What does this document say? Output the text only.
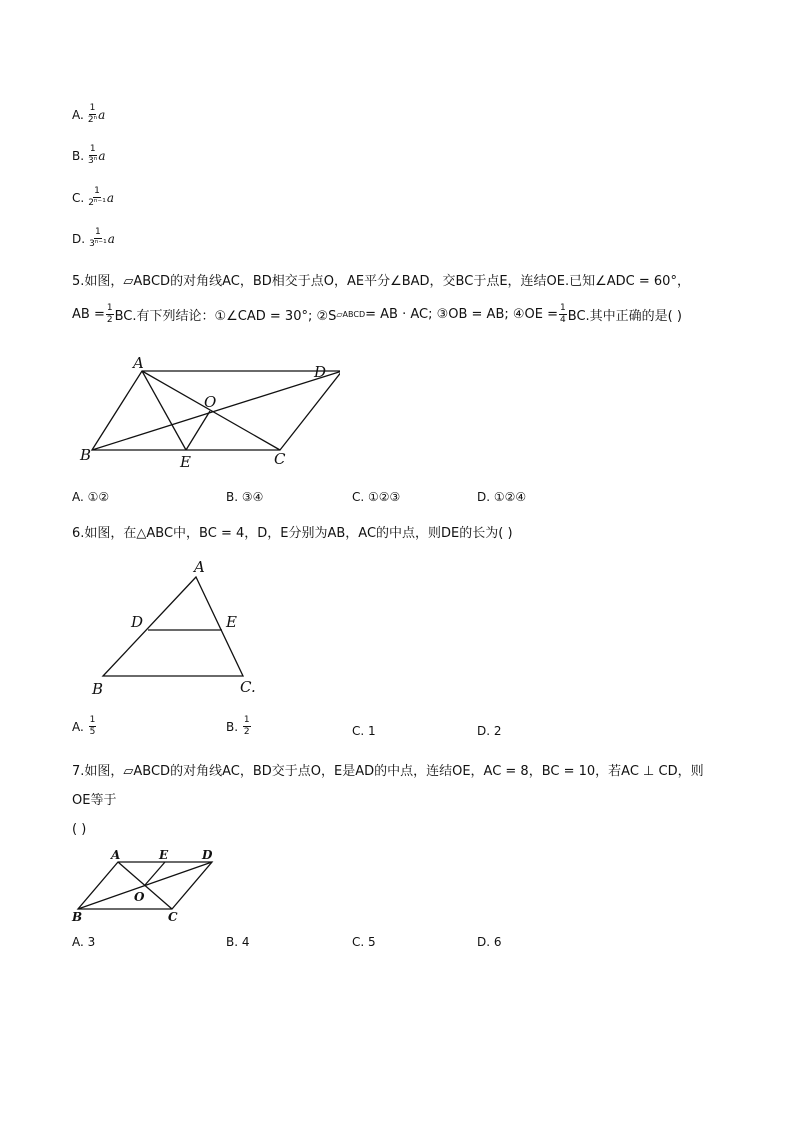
A. $\frac{1}{\text{2ⁿ}}$ a
B. $\frac{1}{\text{3ⁿ}}$ a
C. $\frac{1}{\text{2ⁿ⁻¹}}$ a
D. $\frac{1}{\text{3ⁿ⁻¹}}$ a
5.如图，▱ABCD的对角线AC，BD相交于点O，AE平分∠BAD，交BC于点E，连结OE.已知∠ADC = 60°，
AB = $\frac{1}{2}$ BC.有下列结论：①∠CAD = 30°; ②S ▱ABCD = AB · AC; ③OB = AB; ④OE = $\frac{1}{4}$ BC.其中正确的是( )
A	D
B	E	C
O
A. ①②	B. ③④	C. ①②③	D. ①②④
6.如图，在△ABC中，BC = 4，D，E分别为AB，AC的中点，则DE的长为( )
A
D	E
B	C.
A.
$\frac{1}{5}$	B.
$\frac{1}{2}$	C. 1	D. 2
7.如图，▱ABCD的对角线AC，BD交于点O，E是AD的中点，连结OE，AC = 8，BC = 10，若AC ⊥ CD，则
OE等于
( )
A	E	D
B	C
O
A. 3	B. 4	C. 5	D. 6
